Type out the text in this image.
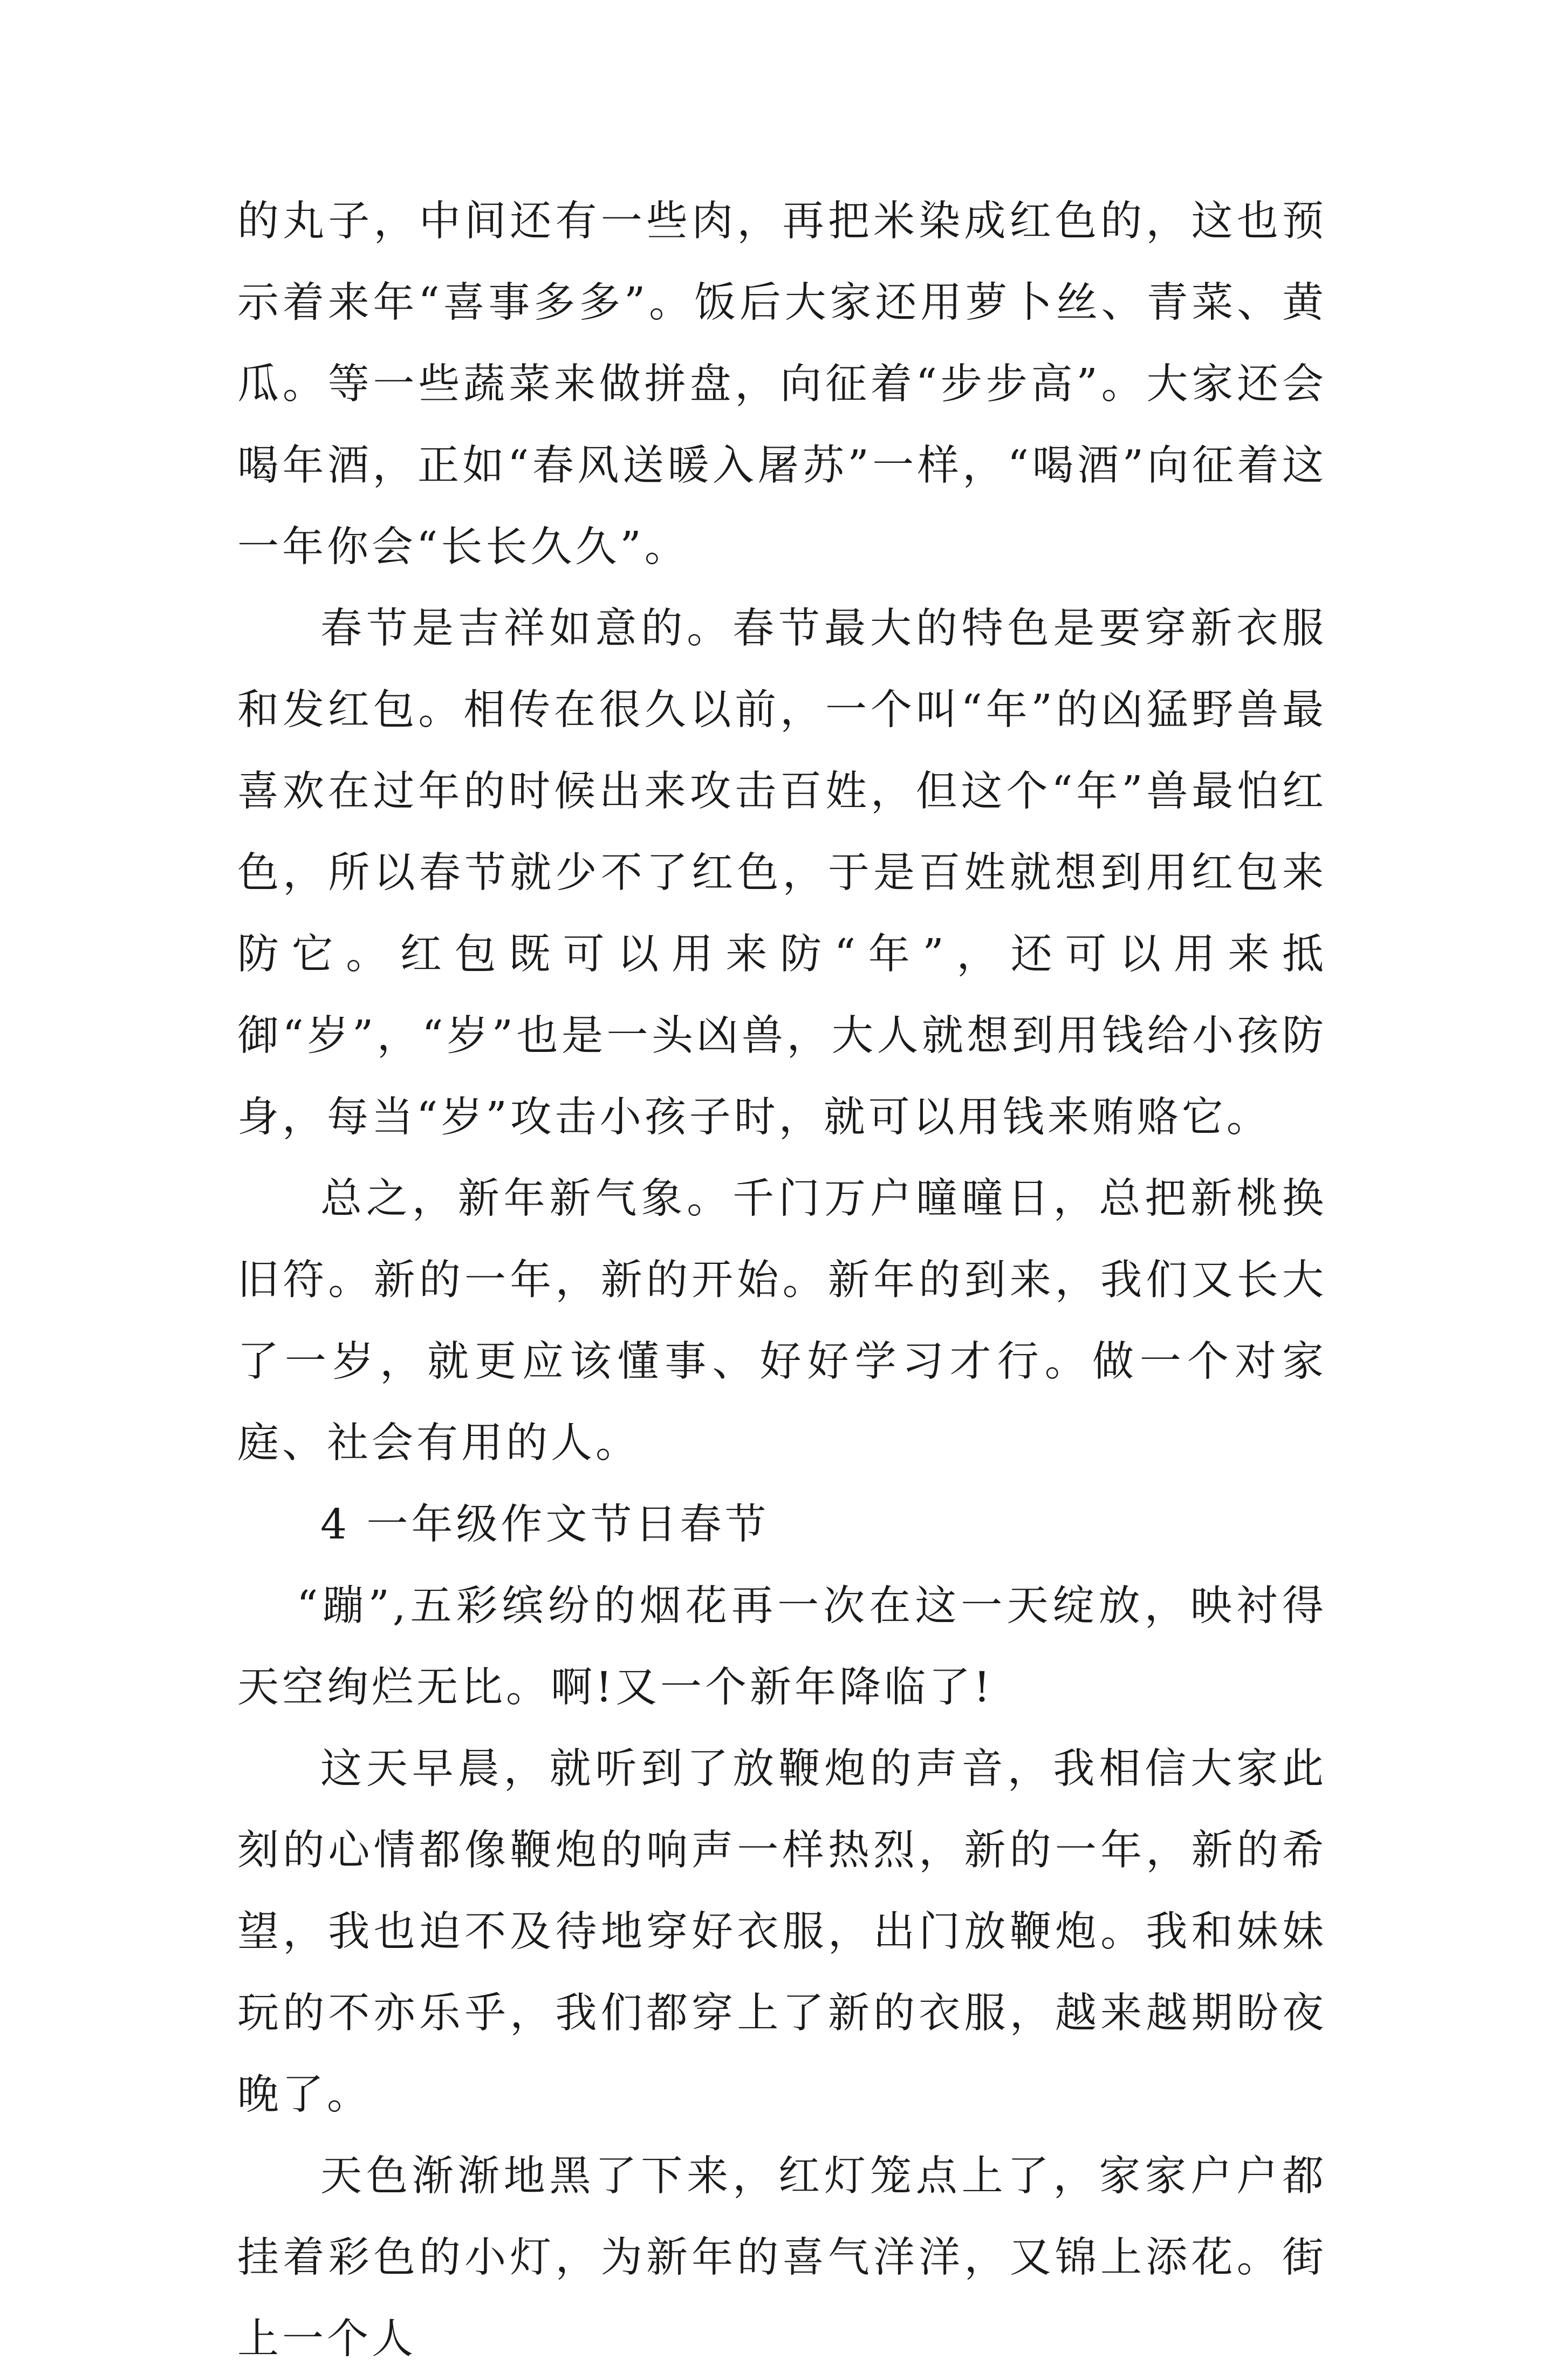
的丸子，中间还有一些肉，再把米染成红色的，这也预示着来年“喜事多多”。饭后大家还用萝卜丝、青菜、黄瓜。等一些蔬菜来做拼盘，向征着“步步高”。大家还会喝年酒，正如“春风送暖入屠苏”一样，“喝酒”向征着这一年你会“长长久久”。

春节是吉祥如意的。春节最大的特色是要穿新衣服和发红包。相传在很久以前，一个叫“年”的凶猛野兽最喜欢在过年的时候出来攻击百姓，但这个“年”兽最怕红色，所以春节就少不了红色，于是百姓就想到用红包来防它。红包既可以用来防“年”，还可以用来抵御“岁”，“岁”也是一头凶兽，大人就想到用钱给小孩防身，每当“岁”攻击小孩子时，就可以用钱来贿赂它。

总之，新年新气象。千门万户曈曈日，总把新桃换旧符。新的一年，新的开始。新年的到来，我们又长大了一岁，就更应该懂事、好好学习才行。做一个对家庭、社会有用的人。

4 一年级作文节日春节

“蹦”,五彩缤纷的烟花再一次在这一天绽放，映衬得天空绚烂无比。啊!又一个新年降临了!

这天早晨，就听到了放鞭炮的声音，我相信大家此刻的心情都像鞭炮的响声一样热烈，新的一年，新的希望，我也迫不及待地穿好衣服，出门放鞭炮。我和妹妹玩的不亦乐乎，我们都穿上了新的衣服，越来越期盼夜晚了。

天色渐渐地黑了下来，红灯笼点上了，家家户户都挂着彩色的小灯，为新年的喜气洋洋，又锦上添花。街上一个人
